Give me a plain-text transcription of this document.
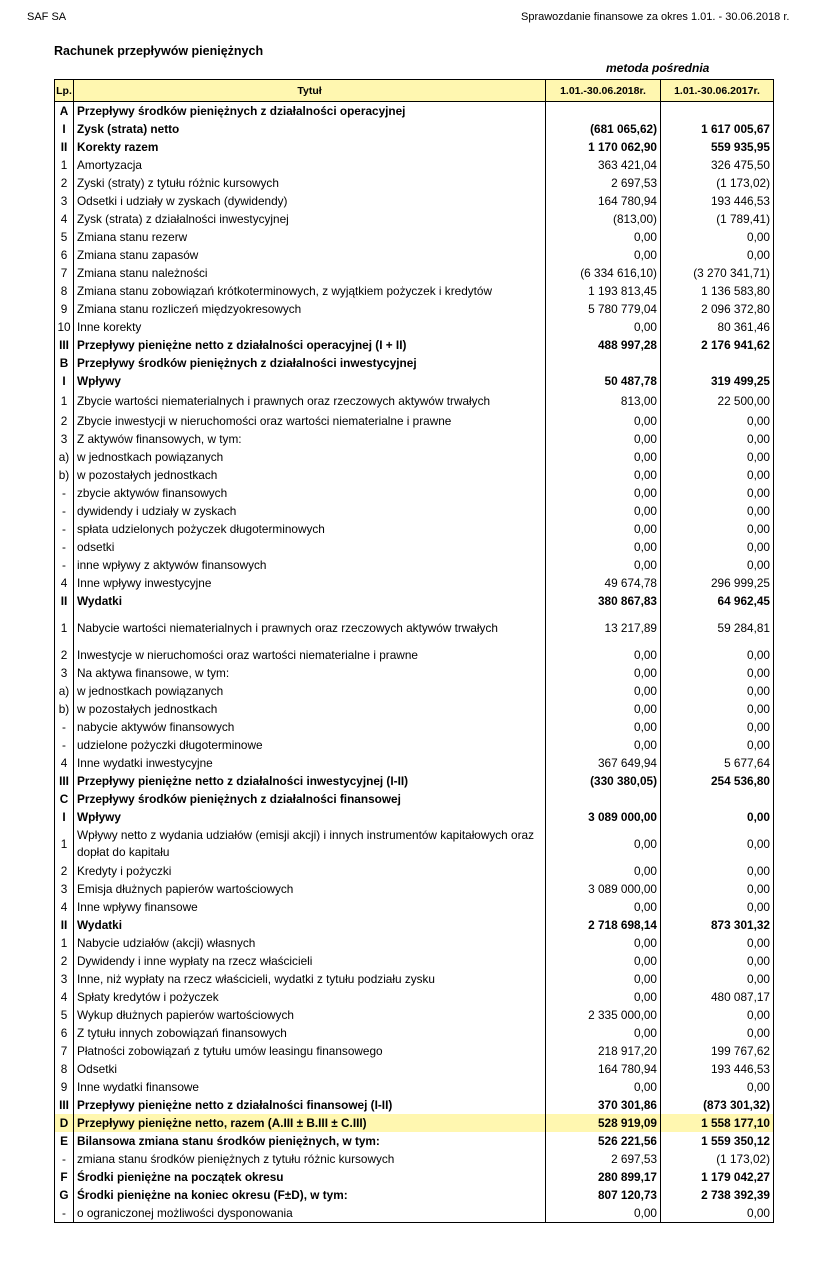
SAF SA	Sprawozdanie finansowe za okres 1.01. - 30.06.2018 r.
Rachunek przepływów pieniężnych
metoda pośrednia
Lp.	Tytuł	1.01.-30.06.2018r.	1.01.-30.06.2017r.
A	Przepływy środków pieniężnych z działalności operacyjnej		
I	Zysk (strata) netto	(681 065,62)	1 617 005,67
II	Korekty razem	1 170 062,90	559 935,95
1	Amortyzacja	363 421,04	326 475,50
2	Zyski (straty) z tytułu różnic kursowych	2 697,53	(1 173,02)
3	Odsetki i udziały w zyskach (dywidendy)	164 780,94	193 446,53
4	Zysk (strata) z działalności inwestycyjnej	(813,00)	(1 789,41)
5	Zmiana stanu rezerw	0,00	0,00
6	Zmiana stanu zapasów	0,00	0,00
7	Zmiana stanu należności	(6 334 616,10)	(3 270 341,71)
8	Zmiana stanu zobowiązań krótkoterminowych, z wyjątkiem pożyczek i kredytów	1 193 813,45	1 136 583,80
9	Zmiana stanu rozliczeń międzyokresowych	5 780 779,04	2 096 372,80
10	Inne korekty	0,00	80 361,46
III	Przepływy pieniężne netto z działalności operacyjnej (I + II)	488 997,28	2 176 941,62
B	Przepływy środków pieniężnych z działalności inwestycyjnej		
I	Wpływy	50 487,78	319 499,25
1	Zbycie wartości niematerialnych i prawnych oraz rzeczowych aktywów trwałych	813,00	22 500,00
2	Zbycie inwestycji w nieruchomości oraz wartości niematerialne i prawne	0,00	0,00
3	Z aktywów finansowych, w tym:	0,00	0,00
a)	w jednostkach powiązanych	0,00	0,00
b)	w pozostałych jednostkach	0,00	0,00
-	zbycie aktywów finansowych	0,00	0,00
-	dywidendy i udziały w zyskach	0,00	0,00
-	spłata udzielonych pożyczek długoterminowych	0,00	0,00
-	odsetki	0,00	0,00
-	inne wpływy z aktywów finansowych	0,00	0,00
4	Inne wpływy inwestycyjne	49 674,78	296 999,25
II	Wydatki	380 867,83	64 962,45
1	Nabycie wartości niematerialnych i prawnych oraz rzeczowych aktywów trwałych	13 217,89	59 284,81
2	Inwestycje w nieruchomości oraz wartości niematerialne i prawne	0,00	0,00
3	Na aktywa finansowe, w tym:	0,00	0,00
a)	w jednostkach powiązanych	0,00	0,00
b)	w pozostałych jednostkach	0,00	0,00
-	nabycie aktywów finansowych	0,00	0,00
-	udzielone pożyczki długoterminowe	0,00	0,00
4	Inne wydatki inwestycyjne	367 649,94	5 677,64
III	Przepływy pieniężne netto z działalności inwestycyjnej (I-II)	(330 380,05)	254 536,80
C	Przepływy środków pieniężnych z działalności finansowej		
I	Wpływy	3 089 000,00	0,00
1	Wpływy netto z wydania udziałów (emisji akcji) i innych instrumentów kapitałowych oraz dopłat do kapitału	0,00	0,00
2	Kredyty i pożyczki	0,00	0,00
3	Emisja dłużnych papierów wartościowych	3 089 000,00	0,00
4	Inne wpływy finansowe	0,00	0,00
II	Wydatki	2 718 698,14	873 301,32
1	Nabycie udziałów (akcji) własnych	0,00	0,00
2	Dywidendy i inne wypłaty na rzecz właścicieli	0,00	0,00
3	Inne, niż wypłaty na rzecz właścicieli, wydatki z tytułu podziału zysku	0,00	0,00
4	Spłaty kredytów i pożyczek	0,00	480 087,17
5	Wykup dłużnych papierów wartościowych	2 335 000,00	0,00
6	Z tytułu innych zobowiązań finansowych	0,00	0,00
7	Płatności zobowiązań z tytułu umów leasingu finansowego	218 917,20	199 767,62
8	Odsetki	164 780,94	193 446,53
9	Inne wydatki finansowe	0,00	0,00
III	Przepływy pieniężne netto z działalności finansowej (I-II)	370 301,86	(873 301,32)
D	Przepływy pieniężne netto, razem (A.III ± B.III ± C.III)	528 919,09	1 558 177,10
E	Bilansowa zmiana stanu środków pieniężnych, w tym:	526 221,56	1 559 350,12
-	zmiana stanu środków pieniężnych z tytułu różnic kursowych	2 697,53	(1 173,02)
F	Środki pieniężne na początek okresu	280 899,17	1 179 042,27
G	Środki pieniężne na koniec okresu (F±D), w tym:	807 120,73	2 738 392,39
-	o ograniczonej możliwości dysponowania	0,00	0,00
